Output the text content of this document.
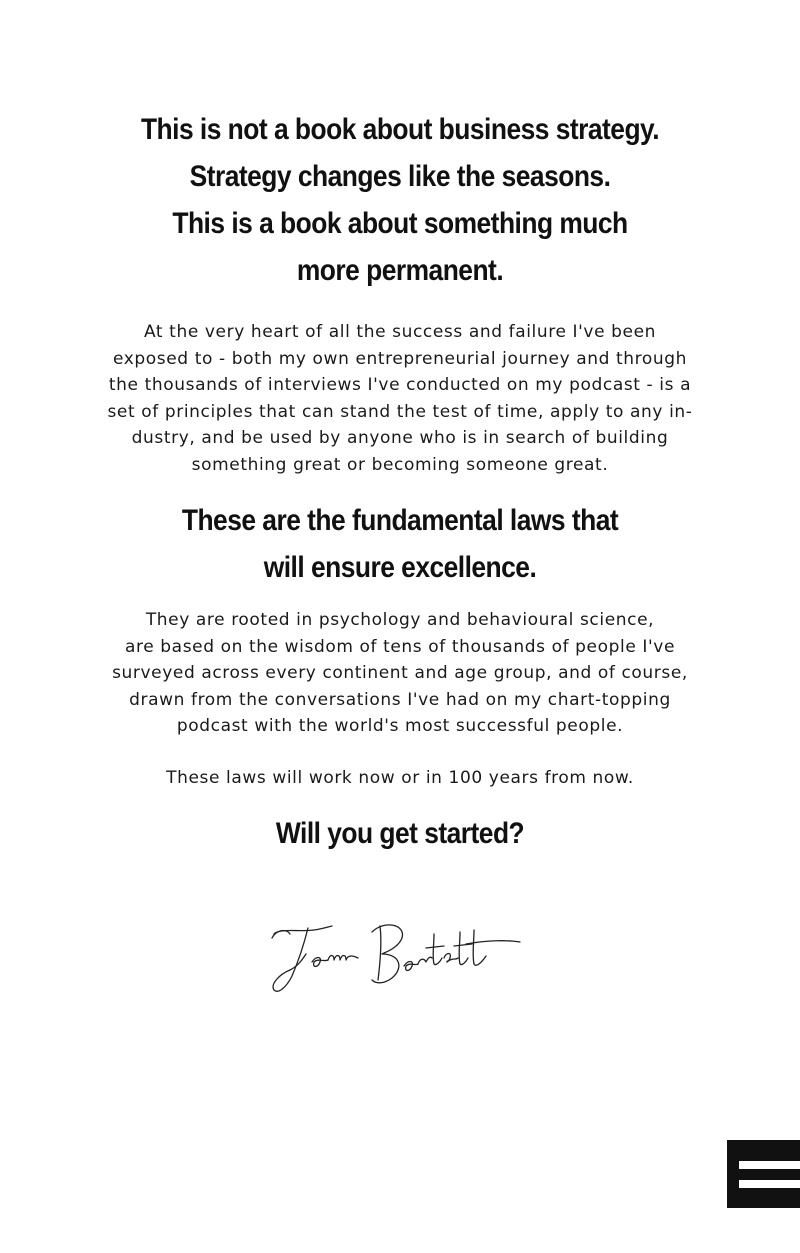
This is not a book about business strategy.
Strategy changes like the seasons.
This is a book about something much
more permanent.
At the very heart of all the success and failure I've been
exposed to - both my own entrepreneurial journey and through
the thousands of interviews I've conducted on my podcast - is a
set of principles that can stand the test of time, apply to any in-
dustry, and be used by anyone who is in search of building
something great or becoming someone great.
These are the fundamental laws that
will ensure excellence.
They are rooted in psychology and behavioural science,
are based on the wisdom of tens of thousands of people I've
surveyed across every continent and age group, and of course,
drawn from the conversations I've had on my chart-topping
podcast with the world's most successful people.
These laws will work now or in 100 years from now.
Will you get started?
